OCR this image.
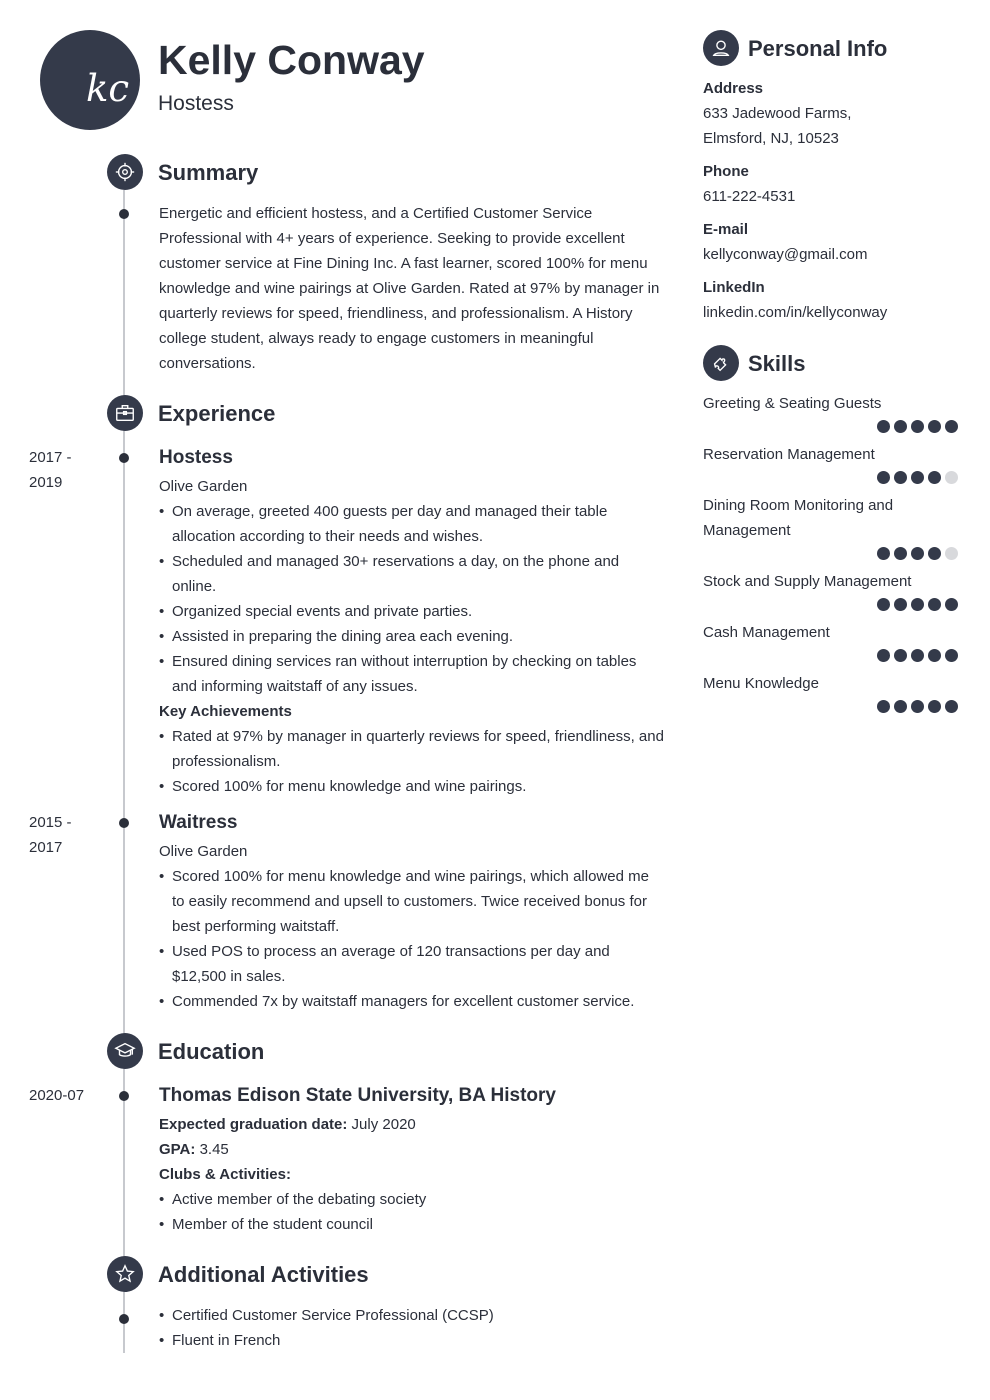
kc
Kelly Conway
Hostess
Summary
Energetic and efficient hostess, and a Certified Customer Service Professional with 4+ years of experience. Seeking to provide excellent customer service at Fine Dining Inc. A fast learner, scored 100% for menu knowledge and wine pairings at Olive Garden. Rated at 97% by manager in quarterly reviews for speed, friendliness, and professionalism. A History college student, always ready to engage customers in meaningful conversations.
Experience
2017 - 2019
Hostess
Olive Garden
• On average, greeted 400 guests per day and managed their table allocation according to their needs and wishes.
• Scheduled and managed 30+ reservations a day, on the phone and online.
• Organized special events and private parties.
• Assisted in preparing the dining area each evening.
• Ensured dining services ran without interruption by checking on tables and informing waitstaff of any issues.
Key Achievements
• Rated at 97% by manager in quarterly reviews for speed, friendliness, and professionalism.
• Scored 100% for menu knowledge and wine pairings.
2015 - 2017
Waitress
Olive Garden
• Scored 100% for menu knowledge and wine pairings, which allowed me to easily recommend and upsell to customers. Twice received bonus for best performing waitstaff.
• Used POS to process an average of 120 transactions per day and $12,500 in sales.
• Commended 7x by waitstaff managers for excellent customer service.
Education
2020-07	Thomas Edison State University, BA History
Expected graduation date: July 2020
GPA: 3.45
Clubs & Activities:
• Active member of the debating society
• Member of the student council
Additional Activities
• Certified Customer Service Professional (CCSP)
• Fluent in French
Personal Info
Address
633 Jadewood Farms, Elmsford, NJ, 10523
Phone
611-222-4531
E-mail
kellyconway@gmail.com
LinkedIn
linkedin.com/in/kellyconway
Skills
Greeting & Seating Guests
Reservation Management
Dining Room Monitoring and Management
Stock and Supply Management
Cash Management
Menu Knowledge
